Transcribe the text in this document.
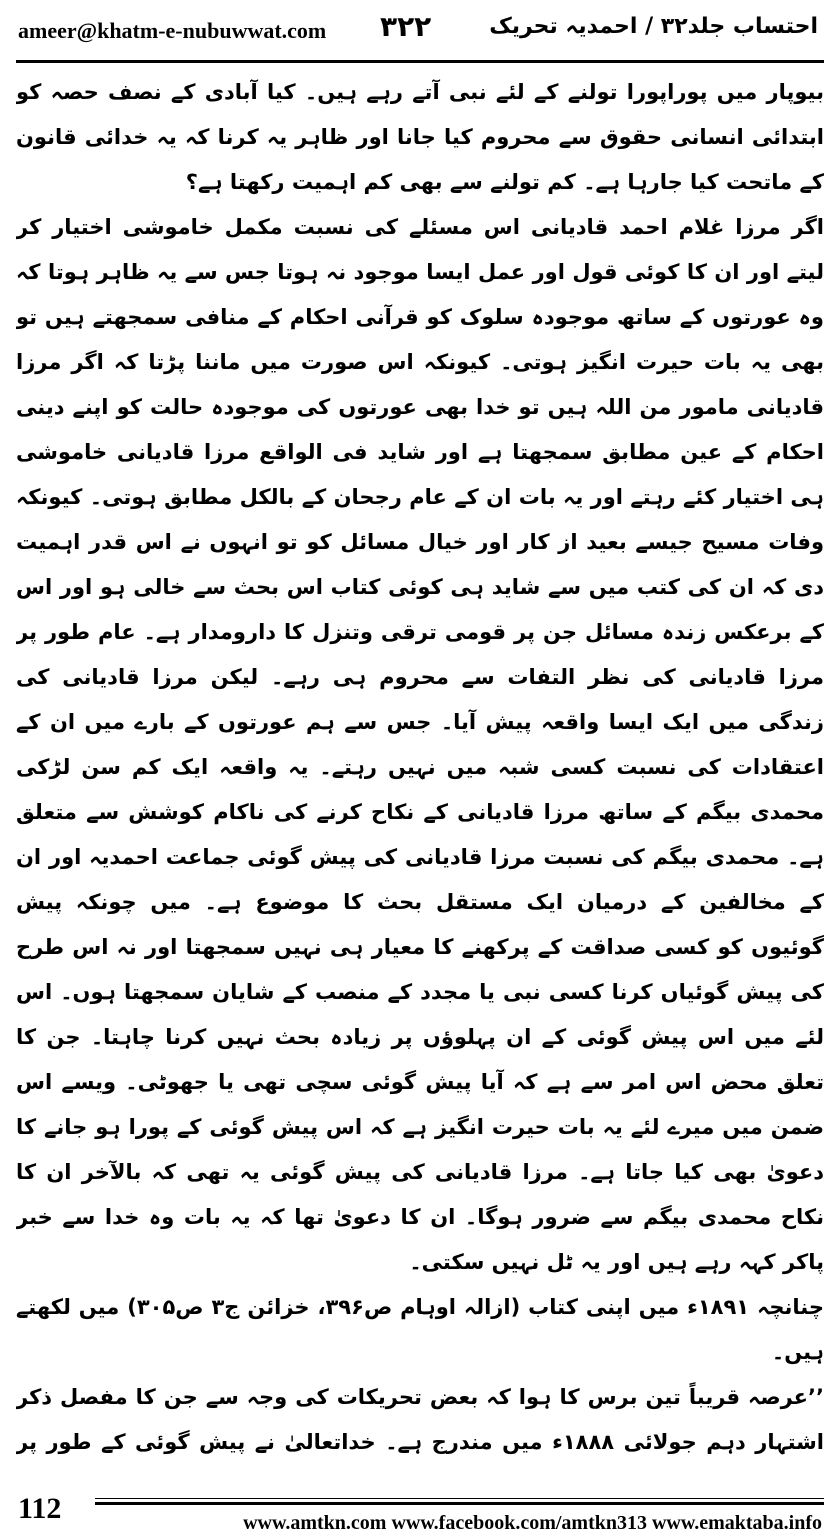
ameer@khatm-e-nubuwwat.com ۳۲۲	احتساب جلد۳۲ / احمدیہ تحریک

بیوپار میں پوراپورا تولنے کے لئے نبی آتے رہے ہیں۔ کیا آبادی کے نصف حصہ کو ابتدائی انسانی حقوق سے محروم کیا جانا اور ظاہر یہ کرنا کہ یہ خدائی قانون کے ماتحت کیا جارہا ہے۔ کم تولنے سے بھی کم اہمیت رکھتا ہے؟

اگر مرزا غلام احمد قادیانی اس مسئلے کی نسبت مکمل خاموشی اختیار کر لیتے اور ان کا کوئی قول اور عمل ایسا موجود نہ ہوتا جس سے یہ ظاہر ہوتا کہ وہ عورتوں کے ساتھ موجودہ سلوک کو قرآنی احکام کے منافی سمجھتے ہیں تو بھی یہ بات حیرت انگیز ہوتی۔ کیونکہ اس صورت میں ماننا پڑتا کہ اگر مرزا قادیانی مامور من اللہ ہیں تو خدا بھی عورتوں کی موجودہ حالت کو اپنے دینی احکام کے عین مطابق سمجھتا ہے اور شاید فی الواقع مرزا قادیانی خاموشی ہی اختیار کئے رہتے اور یہ بات ان کے عام رجحان کے بالکل مطابق ہوتی۔ کیونکہ وفات مسیح جیسے بعید از کار اور خیال مسائل کو تو انہوں نے اس قدر اہمیت دی کہ ان کی کتب میں سے شاید ہی کوئی کتاب اس بحث سے خالی ہو اور اس کے برعکس زندہ مسائل جن پر قومی ترقی وتنزل کا دارومدار ہے۔ عام طور پر مرزا قادیانی کی نظر التفات سے محروم ہی رہے۔ لیکن مرزا قادیانی کی زندگی میں ایک ایسا واقعہ پیش آیا۔ جس سے ہم عورتوں کے بارے میں ان کے اعتقادات کی نسبت کسی شبہ میں نہیں رہتے۔ یہ واقعہ ایک کم سن لڑکی محمدی بیگم کے ساتھ مرزا قادیانی کے نکاح کرنے کی ناکام کوشش سے متعلق ہے۔ محمدی بیگم کی نسبت مرزا قادیانی کی پیش گوئی جماعت احمدیہ اور ان کے مخالفین کے درمیان ایک مستقل بحث کا موضوع ہے۔ میں چونکہ پیش گوئیوں کو کسی صداقت کے پرکھنے کا معیار ہی نہیں سمجھتا اور نہ اس طرح کی پیش گوئیاں کرنا کسی نبی یا مجدد کے منصب کے شایان سمجھتا ہوں۔ اس لئے میں اس پیش گوئی کے ان پہلوؤں پر زیادہ بحث نہیں کرنا چاہتا۔ جن کا تعلق محض اس امر سے ہے کہ آیا پیش گوئی سچی تھی یا جھوٹی۔ ویسے اس ضمن میں میرے لئے یہ بات حیرت انگیز ہے کہ اس پیش گوئی کے پورا ہو جانے کا دعویٰ بھی کیا جاتا ہے۔ مرزا قادیانی کی پیش گوئی یہ تھی کہ بالآخر ان کا نکاح محمدی بیگم سے ضرور ہوگا۔ ان کا دعویٰ تھا کہ یہ بات وہ خدا سے خبر پاکر کہہ رہے ہیں اور یہ ٹل نہیں سکتی۔

چنانچہ ۱۸۹۱ء میں اپنی کتاب (ازالہ اوہام ص۳۹۶، خزائن ج۳ ص۳۰۵) میں لکھتے ہیں۔

’’عرصہ قریباً تین برس کا ہوا کہ بعض تحریکات کی وجہ سے جن کا مفصل ذکر اشتہار دہم جولائی ۱۸۸۸ء میں مندرج ہے۔ خداتعالیٰ نے پیش گوئی کے طور پر

112	www.amtkn.com www.facebook.com/amtkn313 www.emaktaba.info
